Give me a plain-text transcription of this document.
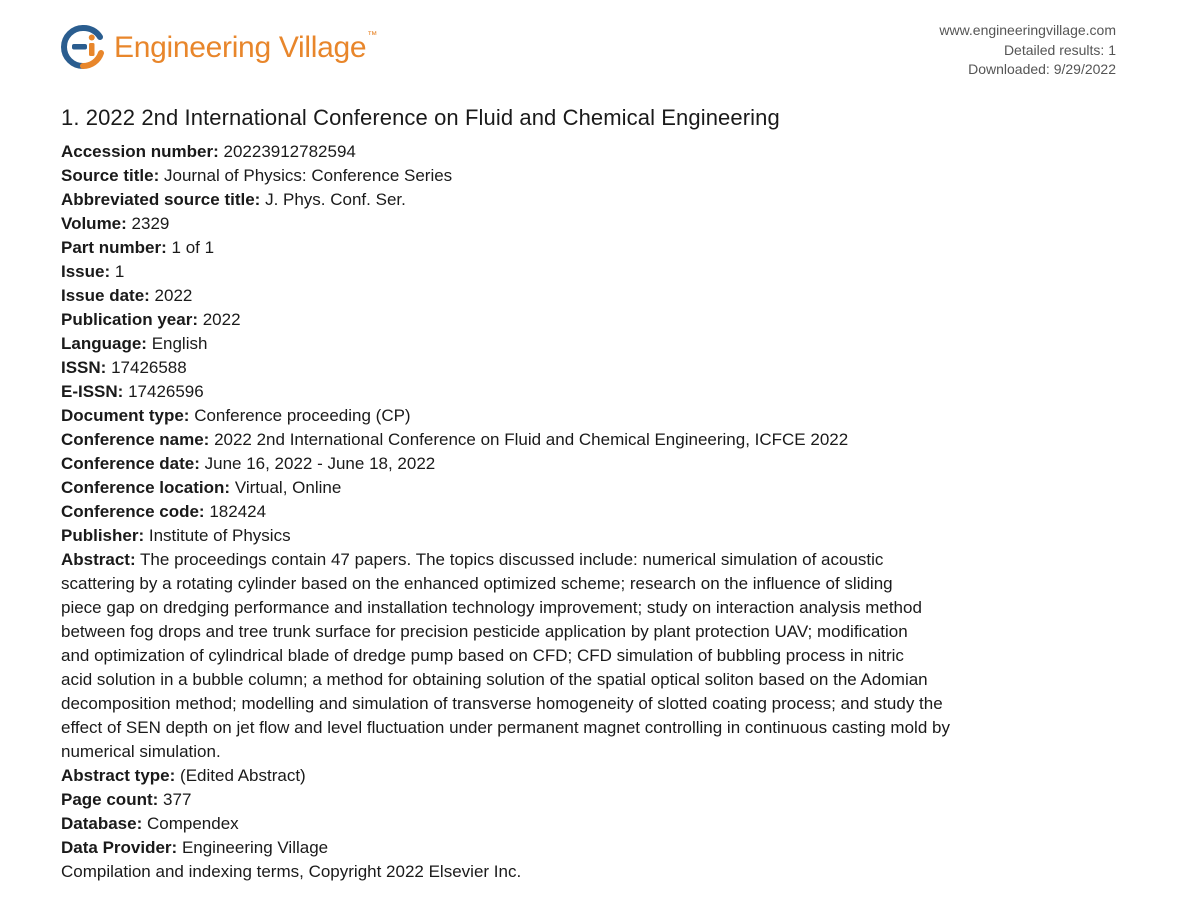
Engineering Village™	www.engineeringvillage.com
Detailed results: 1
Downloaded: 9/29/2022
1. 2022 2nd International Conference on Fluid and Chemical Engineering
Accession number: 20223912782594
Source title: Journal of Physics: Conference Series
Abbreviated source title: J. Phys. Conf. Ser.
Volume: 2329
Part number: 1 of 1
Issue: 1
Issue date: 2022
Publication year: 2022
Language: English
ISSN: 17426588
E-ISSN: 17426596
Document type: Conference proceeding (CP)
Conference name: 2022 2nd International Conference on Fluid and Chemical Engineering, ICFCE 2022
Conference date: June 16, 2022 - June 18, 2022
Conference location: Virtual, Online
Conference code: 182424
Publisher: Institute of Physics
Abstract: The proceedings contain 47 papers. The topics discussed include: numerical simulation of acoustic
scattering by a rotating cylinder based on the enhanced optimized scheme; research on the influence of sliding
piece gap on dredging performance and installation technology improvement; study on interaction analysis method
between fog drops and tree trunk surface for precision pesticide application by plant protection UAV; modification
and optimization of cylindrical blade of dredge pump based on CFD; CFD simulation of bubbling process in nitric
acid solution in a bubble column; a method for obtaining solution of the spatial optical soliton based on the Adomian
decomposition method; modelling and simulation of transverse homogeneity of slotted coating process; and study the
effect of SEN depth on jet flow and level fluctuation under permanent magnet controlling in continuous casting mold by
numerical simulation.
Abstract type: (Edited Abstract)
Page count: 377
Database: Compendex
Data Provider: Engineering Village
Compilation and indexing terms, Copyright 2022 Elsevier Inc.
